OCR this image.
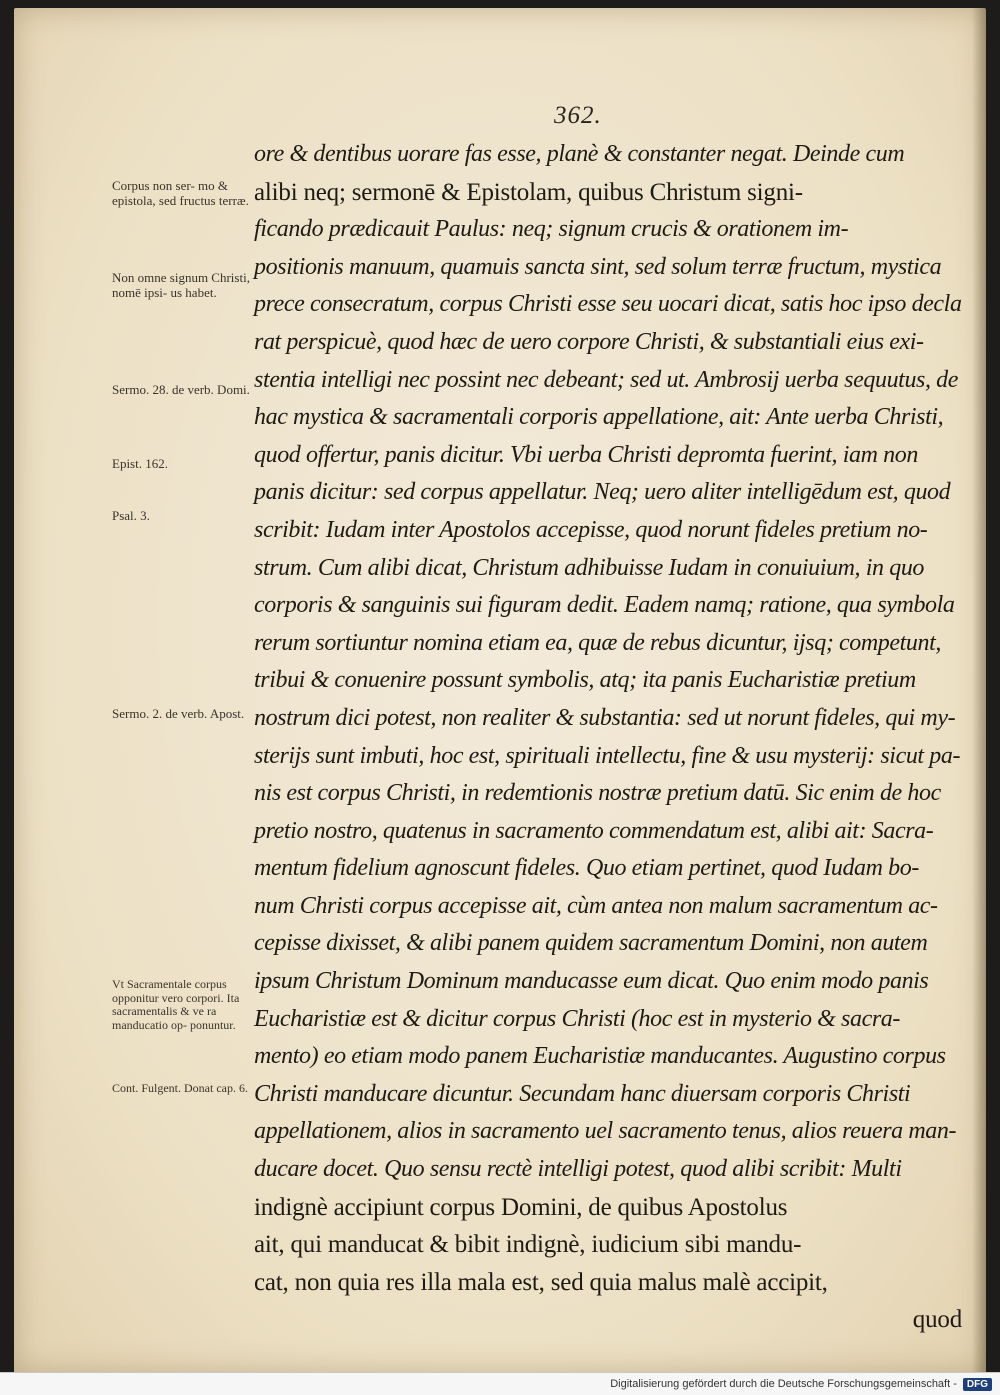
362.
Corpus non ser- mo & epistola, sed fructus terræ.
Non omne signum Christi, nomē ipsi- us habet.
Sermo. 28. de verb. Domi.
Epist. 162.
Psal. 3.
Sermo. 2. de verb. Apost.
Vt Sacramentale corpus opponitur vero corpori. Ita sacramentalis & ve ra manducatio op- ponuntur.
Cont. Fulgent. Donat cap. 6.
ore & dentibus uorare fas esse, planè & constanter negat. Deinde cum
alibi neq; sermonē & Epistolam, quibus Christum signi-
ficando prædicauit Paulus: neq; signum crucis & orationem im-
positionis manuum, quamuis sancta sint, sed solum terræ fructum, mystica
prece consecratum, corpus Christi esse seu uocari dicat, satis hoc ipso decla
rat perspicuè, quod hæc de uero corpore Christi, & substantiali eius exi-
stentia intelligi nec possint nec debeant; sed ut. Ambrosij uerba sequutus, de
hac mystica & sacramentali corporis appellatione, ait: Ante uerba Christi,
quod offertur, panis dicitur. Vbi uerba Christi depromta fuerint, iam non
panis dicitur: sed corpus appellatur. Neq; uero aliter intelligēdum est, quod
scribit: Iudam inter Apostolos accepisse, quod norunt fideles pretium no-
strum. Cum alibi dicat, Christum adhibuisse Iudam in conuiuium, in quo
corporis & sanguinis sui figuram dedit. Eadem namq; ratione, qua symbola
rerum sortiuntur nomina etiam ea, quæ de rebus dicuntur, ijsq; competunt,
tribui & conuenire possunt symbolis, atq; ita panis Eucharistiæ pretium
nostrum dici potest, non realiter & substantia: sed ut norunt fideles, qui my-
sterijs sunt imbuti, hoc est, spirituali intellectu, fine & usu mysterij: sicut pa-
nis est corpus Christi, in redemtionis nostræ pretium datū. Sic enim de hoc
pretio nostro, quatenus in sacramento commendatum est, alibi ait: Sacra-
mentum fidelium agnoscunt fideles. Quo etiam pertinet, quod Iudam bo-
num Christi corpus accepisse ait, cùm antea non malum sacramentum ac-
cepisse dixisset, & alibi panem quidem sacramentum Domini, non autem
ipsum Christum Dominum manducasse eum dicat. Quo enim modo panis
Eucharistiæ est & dicitur corpus Christi (hoc est in mysterio & sacra-
mento) eo etiam modo panem Eucharistiæ manducantes. Augustino corpus
Christi manducare dicuntur. Secundam hanc diuersam corporis Christi
appellationem, alios in sacramento uel sacramento tenus, alios reuera man-
ducare docet. Quo sensu rectè intelligi potest, quod alibi scribit: Multi
indignè accipiunt corpus Domini, de quibus Apostolus
ait, qui manducat & bibit indignè, iudicium sibi mandu-
cat, non quia res illa mala est, sed quia malus malè accipit,
quod
Digitalisierung gefördert durch die Deutsche Forschungsgemeinschaft -	DFG
